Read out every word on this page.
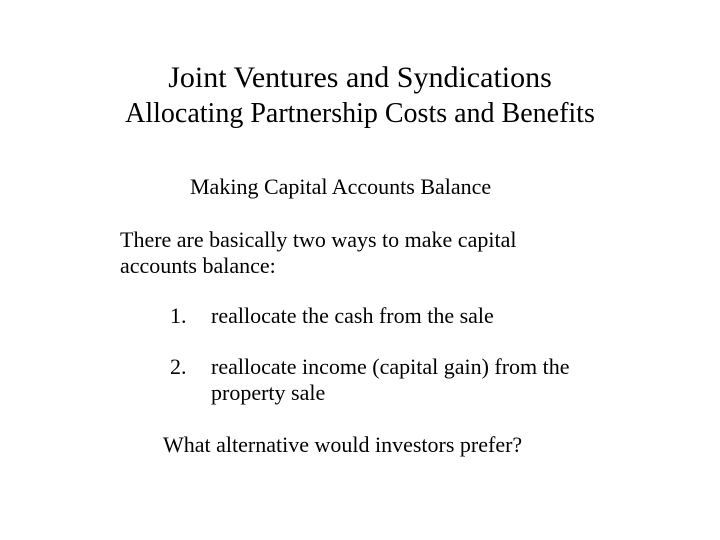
Joint Ventures and Syndications
Allocating Partnership Costs and Benefits
Making Capital Accounts Balance
There are basically two ways to make capital accounts balance:
1. reallocate the cash from the sale
2. reallocate income (capital gain) from the property sale
What alternative would investors prefer?
